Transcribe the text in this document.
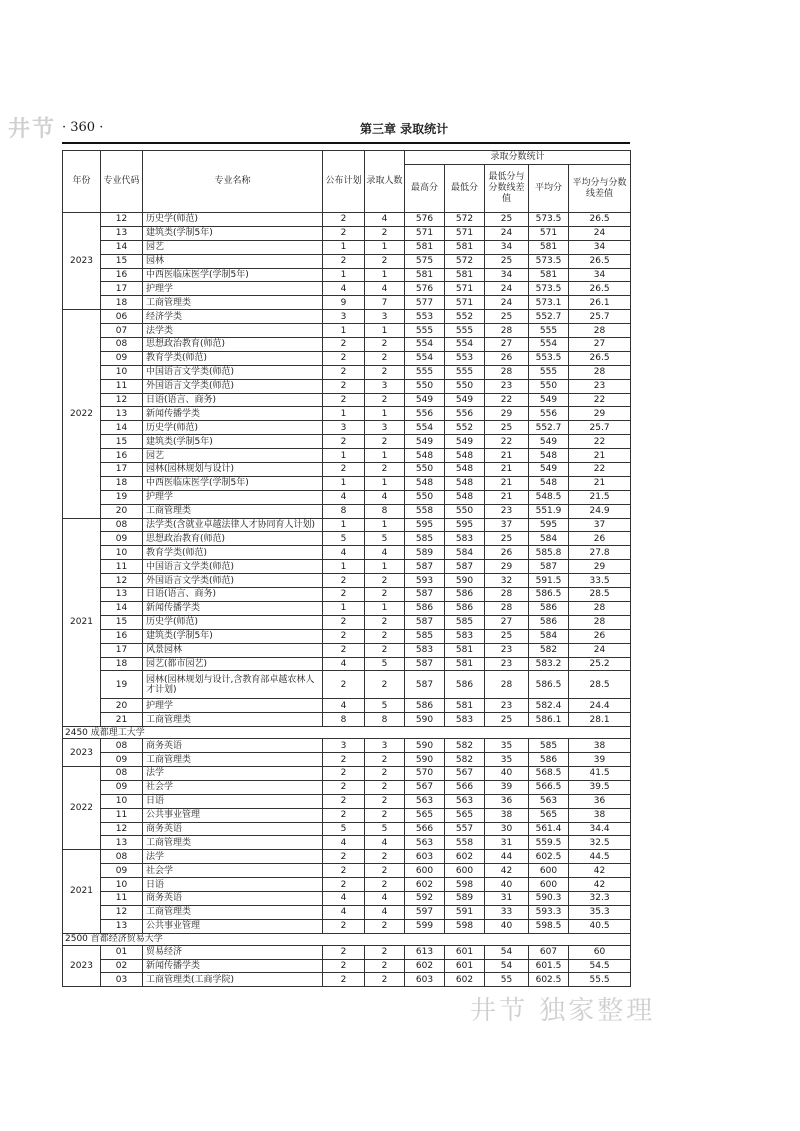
井节 · 360 ·	第三章 录取统计
年份	专业代码	专业名称	公布计划	录取人数	录取分数统计				
					最高分	最低分	最低分与分数线差值	平均分	平均分与分数线差值
2023	12	历史学(师范)	2	4	576	572	25	573.5	26.5
	13	建筑类(学制5年)	2	2	571	571	24	571	24
	14	园艺	1	1	581	581	34	581	34
	15	园林	2	2	575	572	25	573.5	26.5
	16	中西医临床医学(学制5年)	1	1	581	581	34	581	34
	17	护理学	4	4	576	571	24	573.5	26.5
	18	工商管理类	9	7	577	571	24	573.1	26.1
2022	06	经济学类	3	3	553	552	25	552.7	25.7
	07	法学类	1	1	555	555	28	555	28
	08	思想政治教育(师范)	2	2	554	554	27	554	27
	09	教育学类(师范)	2	2	554	553	26	553.5	26.5
	10	中国语言文学类(师范)	2	2	555	555	28	555	28
	11	外国语言文学类(师范)	2	3	550	550	23	550	23
	12	日语(语言、商务)	2	2	549	549	22	549	22
	13	新闻传播学类	1	1	556	556	29	556	29
	14	历史学(师范)	3	3	554	552	25	552.7	25.7
	15	建筑类(学制5年)	2	2	549	549	22	549	22
	16	园艺	1	1	548	548	21	548	21
	17	园林(园林规划与设计)	2	2	550	548	21	549	22
	18	中西医临床医学(学制5年)	1	1	548	548	21	548	21
	19	护理学	4	4	550	548	21	548.5	21.5
	20	工商管理类	8	8	558	550	23	551.9	24.9
2021	08	法学类(含就业卓越法律人才协同育人计划)	1	1	595	595	37	595	37
	09	思想政治教育(师范)	5	5	585	583	25	584	26
	10	教育学类(师范)	4	4	589	584	26	585.8	27.8
	11	中国语言文学类(师范)	1	1	587	587	29	587	29
	12	外国语言文学类(师范)	2	2	593	590	32	591.5	33.5
	13	日语(语言、商务)	2	2	587	586	28	586.5	28.5
	14	新闻传播学类	1	1	586	586	28	586	28
	15	历史学(师范)	2	2	587	585	27	586	28
	16	建筑类(学制5年)	2	2	585	583	25	584	26
	17	风景园林	2	2	583	581	23	582	24
	18	园艺(都市园艺)	4	5	587	581	23	583.2	25.2
	19	园林(园林规划与设计,含教育部卓越农林人才计划)	2	2	587	586	28	586.5	28.5
	20	护理学	4	5	586	581	23	582.4	24.4
	21	工商管理类	8	8	590	583	25	586.1	28.1
2450 成都理工大学									
2023	08	商务英语	3	3	590	582	35	585	38
	09	工商管理类	2	2	590	582	35	586	39
2022	08	法学	2	2	570	567	40	568.5	41.5
	09	社会学	2	2	567	566	39	566.5	39.5
	10	日语	2	2	563	563	36	563	36
	11	公共事业管理	2	2	565	565	38	565	38
	12	商务英语	5	5	566	557	30	561.4	34.4
	13	工商管理类	4	4	563	558	31	559.5	32.5
2021	08	法学	2	2	603	602	44	602.5	44.5
	09	社会学	2	2	600	600	42	600	42
	10	日语	2	2	602	598	40	600	42
	11	商务英语	4	4	592	589	31	590.3	32.3
	12	工商管理类	4	4	597	591	33	593.3	35.3
	13	公共事业管理	2	2	599	598	40	598.5	40.5
2500 首都经济贸易大学									
2023	01	贸易经济	2	2	613	601	54	607	60
	02	新闻传播学类	2	2	602	601	54	601.5	54.5
	03	工商管理类(工商学院)	2	2	603	602	55	602.5	55.5
井节 独家整理
